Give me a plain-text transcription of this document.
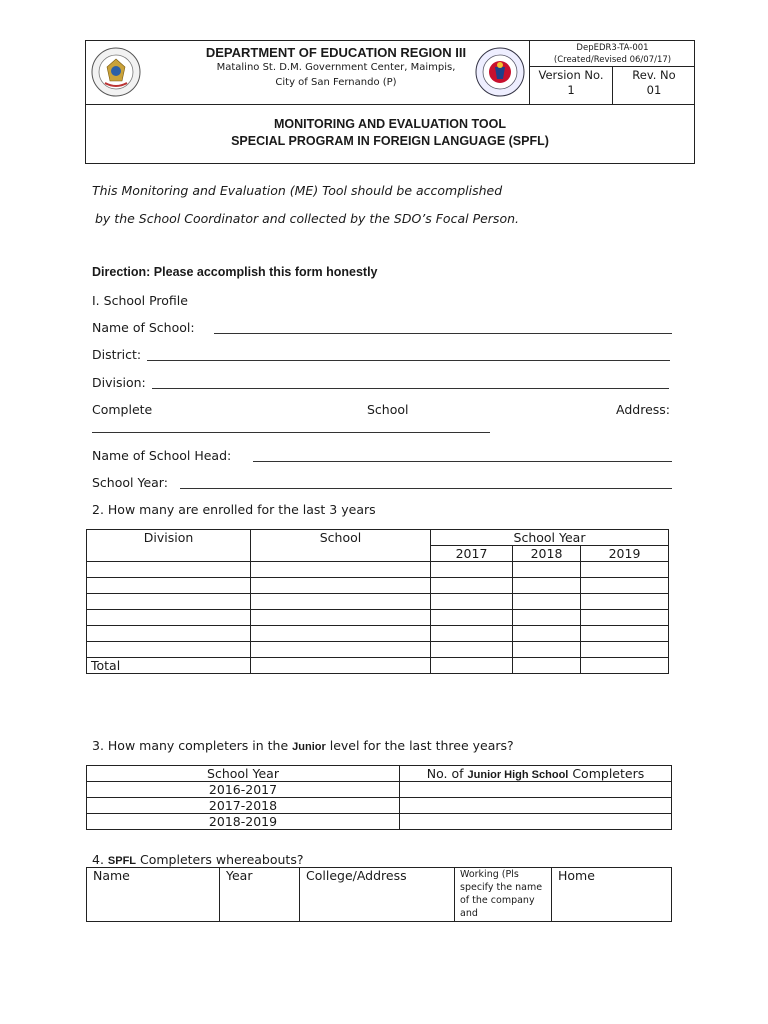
DEPARTMENT OF EDUCATION REGION III
Matalino St. D.M. Government Center, Maimpis,
City of San Fernando (P)
DepEDR3-TA-001
(Created/Revised 06/07/17)
Version No.
1
Rev. No
01
MONITORING AND EVALUATION TOOL
SPECIAL PROGRAM IN FOREIGN LANGUAGE (SPFL)
This Monitoring and Evaluation (ME) Tool should be accomplished
by the School Coordinator and collected by the SDO’s Focal Person.
Direction: Please accomplish this form honestly
I. School Profile
Name of School:
District:
Division:
Complete	School	Address:
Name of School Head:
School Year:
2. How many are enrolled for the last 3 years
Division	School	School Year		
		2017	2018	2019

Total				
3. How many completers in the Junior level for the last three years?
School Year	No. of Junior High School Completers
2016-2017	
2017-2018	
2018-2019	
4. SPFL Completers whereabouts?
Name	Year	College/Address	Working (Pls specify the name of the company and	Home
